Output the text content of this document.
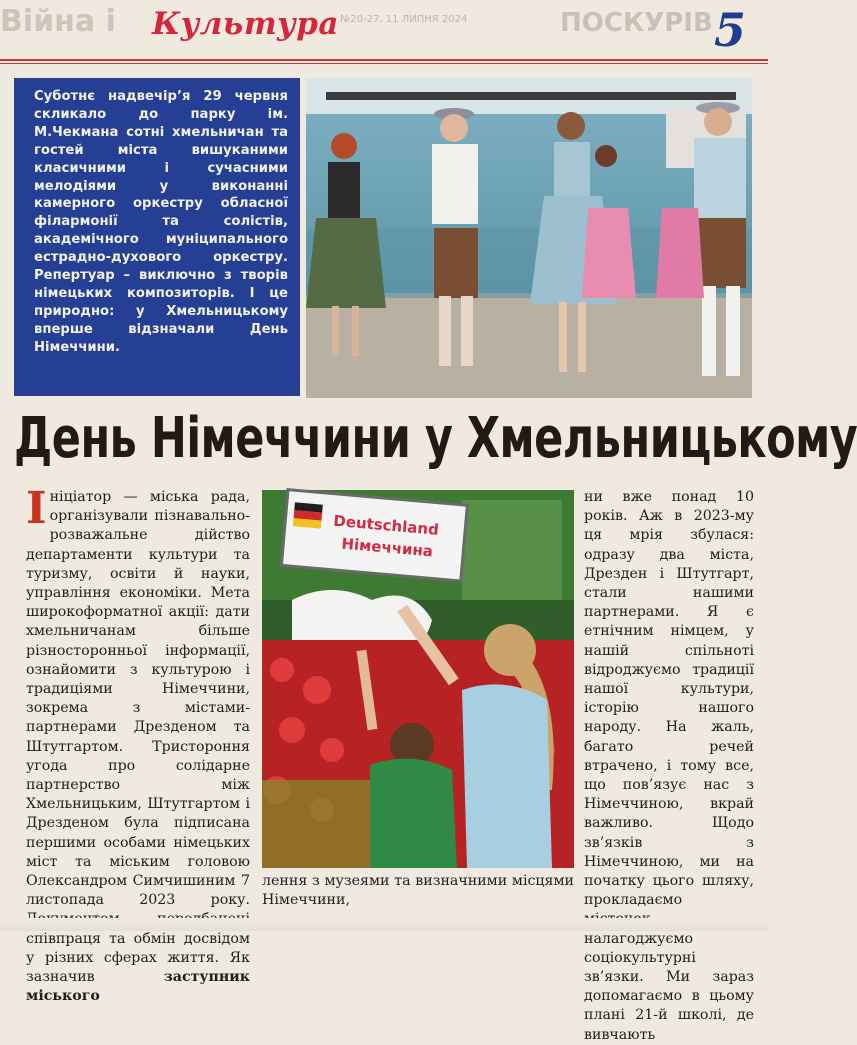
Війна і Культура №20-27, 11 ЛИПНЯ 2024	ПОСКУРІВ 5

Суботнє надвечір’я 29 червня скликало до парку ім. М.Чекмана сотні хмельничан та гостей міста вишуканими класичними і сучасними мелодіями у виконанні камерного оркестру обласної філармонії та солістів, академічного муніципального естрадно-духового оркестру. Репертуар – виключно з творів німецьких композиторів. І це природно: у Хмельницькому вперше відзначали День Німеччини.

День Німеччини у Хмельницькому

Ініціатор — міська рада, організували пізнавально-розважальне дійство департаменти культури та туризму, освіти й науки, управління економіки. Мета широкоформатної акції: дати хмельничанам більше різносторонньої інформації, ознайомити з культурою і традиціями Німеччини, зокрема з містами-партнерами Дрезденом та Штутгартом. Тристороння угода про солідарне партнерство між Хмельницьким, Штутгартом і Дрезденом була підписана першими особами німецьких міст та міським головою Олександром Симчишиним 7 листопада 2023 року. співпраця та обмін досвідом у різних сферах життя. Як зазначив	заступник міського

Deutschland
Німеччина

лення з музеями та визначними місцями Німеччини,

ни вже понад 10 років. Аж в 2023-му ця мрія збулася: одразу два міста, Дрезден і Штутгарт, стали нашими партнерами. Я є етнічним німцем, у нашій спільноті відроджуємо традиції нашої культури, історію нашого народу. На жаль, багато речей втрачено, і тому все, що пов’язує нас з Німеччиною, вкрай важливо. Щодо зв’язків з Німеччиною, ми на початку цього шляху, прокладаємо налагоджуємо соціокультурні зв’язки. Ми зараз допомагаємо в цьому плані 21-й школі, де вивчають
